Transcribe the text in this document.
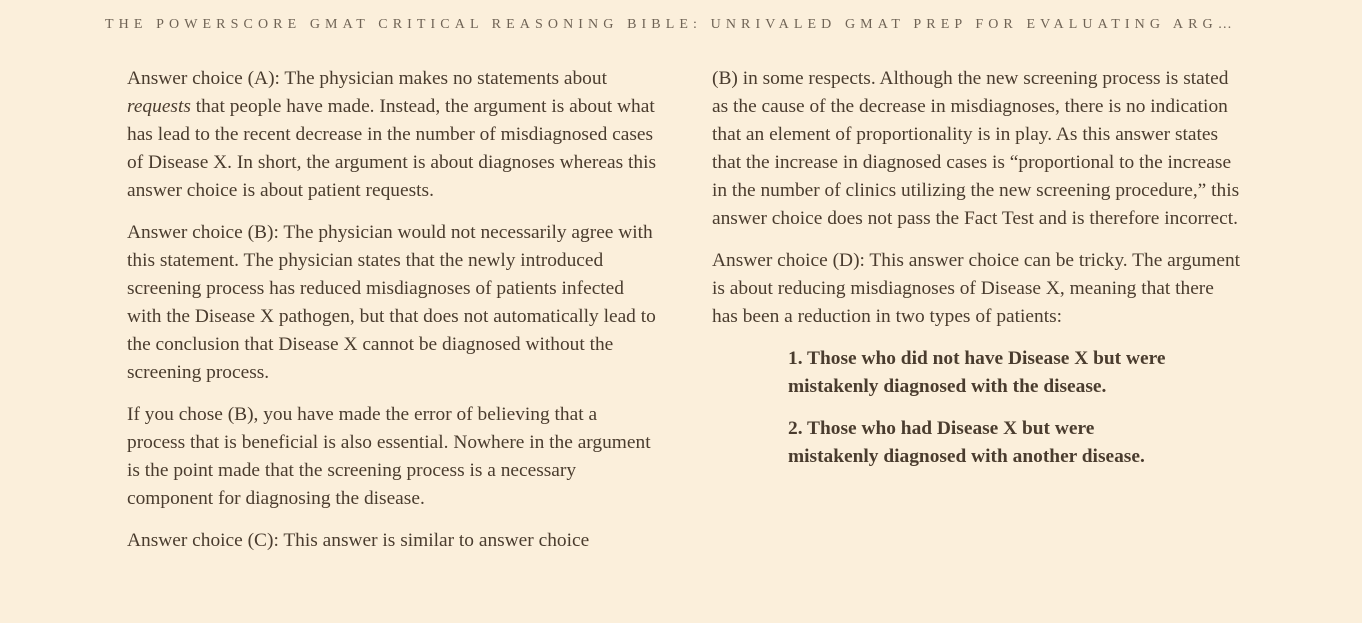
THE POWERSCORE GMAT CRITICAL REASONING BIBLE: UNRIVALED GMAT PREP FOR EVALUATING ARG…

Answer choice (A): The physician makes no statements about requests that people have made. Instead, the argument is about what has lead to the recent decrease in the number of misdiagnosed cases of Disease X. In short, the argument is about diagnoses whereas this answer choice is about patient requests.

Answer choice (B): The physician would not necessarily agree with this statement. The physician states that the newly introduced screening process has reduced misdiagnoses of patients infected with the Disease X pathogen, but that does not automatically lead to the conclusion that Disease X cannot be diagnosed without the screening process.

If you chose (B), you have made the error of believing that a process that is beneficial is also essential. Nowhere in the argument is the point made that the screening process is a necessary component for diagnosing the disease.

Answer choice (C): This answer is similar to answer choice

(B) in some respects. Although the new screening process is stated as the cause of the decrease in misdiagnoses, there is no indication that an element of proportionality is in play. As this answer states that the increase in diagnosed cases is “proportional to the increase in the number of clinics utilizing the new screening procedure,” this answer choice does not pass the Fact Test and is therefore incorrect.

Answer choice (D): This answer choice can be tricky. The argument is about reducing misdiagnoses of Disease X, meaning that there has been a reduction in two types of patients:

1. Those who did not have Disease X but were mistakenly diagnosed with the disease.
2. Those who had Disease X but were mistakenly diagnosed with another disease.
